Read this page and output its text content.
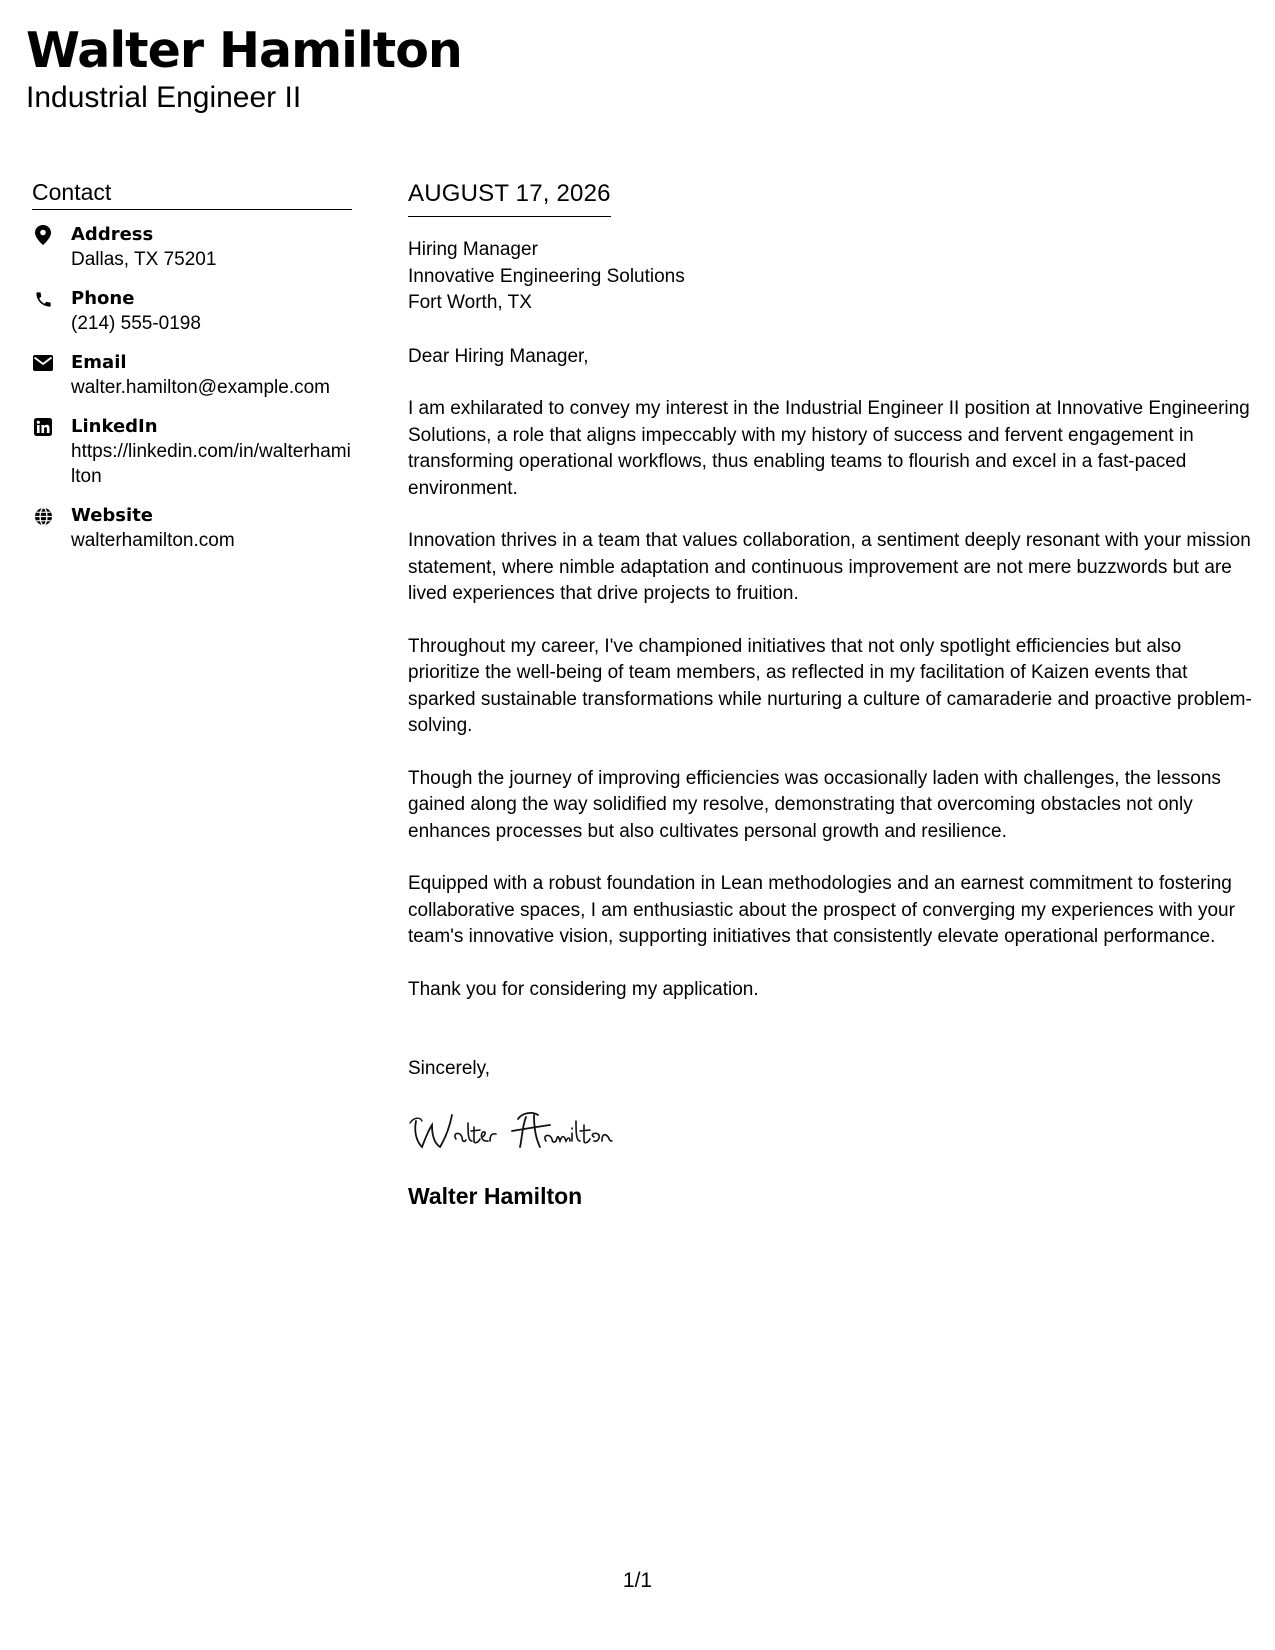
Walter Hamilton
Industrial Engineer II
Contact
Address
Dallas, TX 75201
Phone
(214) 555-0198
Email
walter.hamilton@example.com
LinkedIn
https://linkedin.com/in/walterhamilton
Website
walterhamilton.com
AUGUST 17, 2026
Hiring Manager
Innovative Engineering Solutions
Fort Worth, TX
Dear Hiring Manager,
I am exhilarated to convey my interest in the Industrial Engineer II position at Innovative Engineering Solutions, a role that aligns impeccably with my history of success and fervent engagement in transforming operational workflows, thus enabling teams to flourish and excel in a fast-paced environment.
Innovation thrives in a team that values collaboration, a sentiment deeply resonant with your mission statement, where nimble adaptation and continuous improvement are not mere buzzwords but are lived experiences that drive projects to fruition.
Throughout my career, I've championed initiatives that not only spotlight efficiencies but also prioritize the well-being of team members, as reflected in my facilitation of Kaizen events that sparked sustainable transformations while nurturing a culture of camaraderie and proactive problem-solving.
Though the journey of improving efficiencies was occasionally laden with challenges, the lessons gained along the way solidified my resolve, demonstrating that overcoming obstacles not only enhances processes but also cultivates personal growth and resilience.
Equipped with a robust foundation in Lean methodologies and an earnest commitment to fostering collaborative spaces, I am enthusiastic about the prospect of converging my experiences with your team's innovative vision, supporting initiatives that consistently elevate operational performance.
Thank you for considering my application.
Sincerely,
Walter Hamilton
1/1
